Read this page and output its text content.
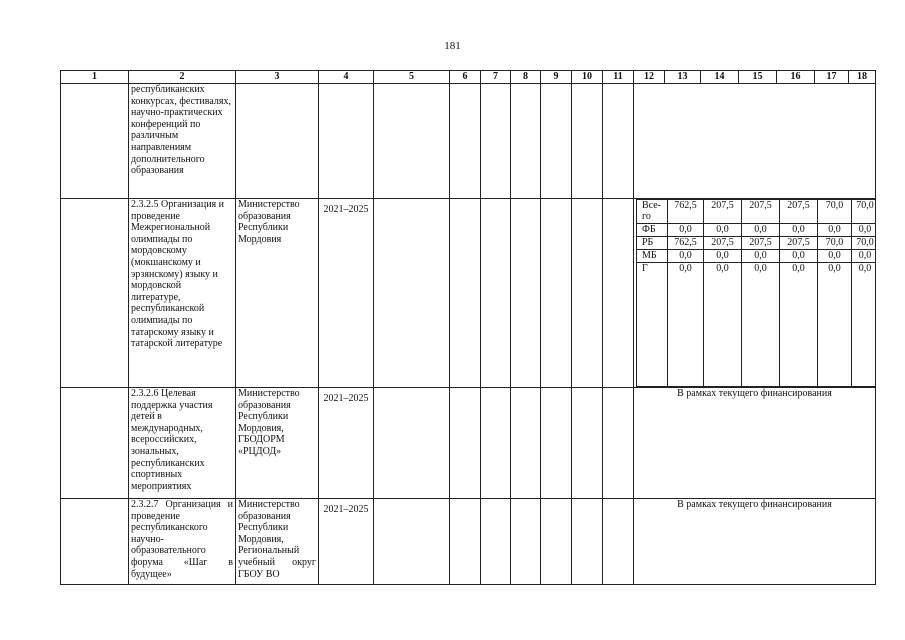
181
1	2	3	4	5	6	7	8	9	10	11	12	13	14	15	16	17	18
	республиканских конкурсах, фестивалях, научно-практических конференций по различным направлениям дополнительного образования										
	2.3.2.5 Организация и проведение Межрегиональной олимпиады по мордовскому (мокшанскому и эрзянскому) языку и мордовской литературе, республиканской олимпиады по татарскому языку и татарской литературе	Министерство образования Республики Мордовия	2021–2025									Все-го	762,5	207,5	207,5	207,5	70,0	70,0
ФБ	0,0	0,0	0,0	0,0	0,0	0,0
РБ	762,5	207,5	207,5	207,5	70,0	70,0
МБ	0,0	0,0	0,0	0,0	0,0	0,0
Г	0,0	0,0	0,0	0,0	0,0	0,0

	2.3.2.6 Целевая поддержка участия детей в международных, всероссийских, зональных, республиканских спортивных мероприятиях	Министерство образования Республики Мордовия, ГБОДОРМ «РЦДОД»	2021–2025								В рамках текущего финансирования
	2.3.2.7 Организация и проведение республиканского научно-образовательного форума «Шаг в будущее»	Министерство образования Республики Мордовия, Региональный учебный округ ГБОУ ВО	2021–2025								В рамках текущего финансирования
